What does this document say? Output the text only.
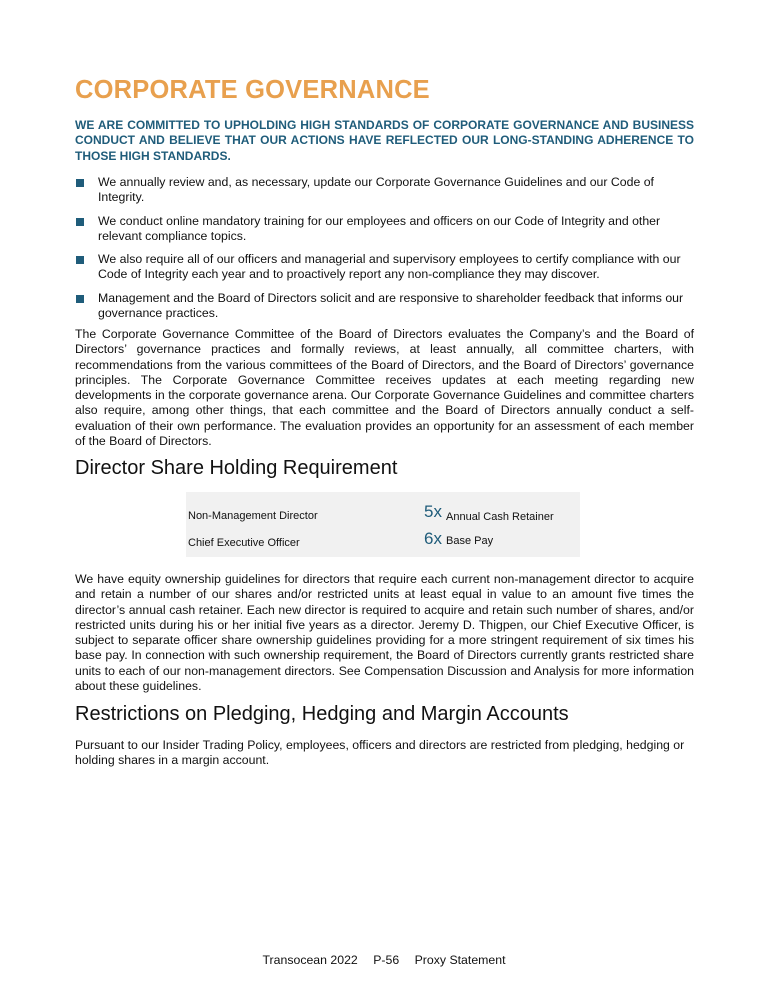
CORPORATE GOVERNANCE

WE ARE COMMITTED TO UPHOLDING HIGH STANDARDS OF CORPORATE GOVERNANCE AND BUSINESS CONDUCT AND BELIEVE THAT OUR ACTIONS HAVE REFLECTED OUR LONG-STANDING ADHERENCE TO THOSE HIGH STANDARDS.

We annually review and, as necessary, update our Corporate Governance Guidelines and our Code of Integrity.
We conduct online mandatory training for our employees and officers on our Code of Integrity and other relevant compliance topics.
We also require all of our officers and managerial and supervisory employees to certify compliance with our Code of Integrity each year and to proactively report any non-compliance they may discover.
Management and the Board of Directors solicit and are responsive to shareholder feedback that informs our governance practices.

The Corporate Governance Committee of the Board of Directors evaluates the Company’s and the Board of Directors’ governance practices and formally reviews, at least annually, all committee charters, with recommendations from the various committees of the Board of Directors, and the Board of Directors’ governance principles. The Corporate Governance Committee receives updates at each meeting regarding new developments in the corporate governance arena. Our Corporate Governance Guidelines and committee charters also require, among other things, that each committee and the Board of Directors annually conduct a self-evaluation of their own performance. The evaluation provides an opportunity for an assessment of each member of the Board of Directors.

Director Share Holding Requirement
Non-Management Director	5x Annual Cash Retainer
Chief Executive Officer	6x Base Pay

We have equity ownership guidelines for directors that require each current non-management director to acquire and retain a number of our shares and/or restricted units at least equal in value to an amount five times the director’s annual cash retainer. Each new director is required to acquire and retain such number of shares, and/or restricted units during his or her initial five years as a director. Jeremy D. Thigpen, our Chief Executive Officer, is subject to separate officer share ownership guidelines providing for a more stringent requirement of six times his base pay. In connection with such ownership requirement, the Board of Directors currently grants restricted share units to each of our non-management directors. See Compensation Discussion and Analysis for more information about these guidelines.

Restrictions on Pledging, Hedging and Margin Accounts

Pursuant to our Insider Trading Policy, employees, officers and directors are restricted from pledging, hedging or holding shares in a margin account.

Transocean 2022 P-56 Proxy Statement
